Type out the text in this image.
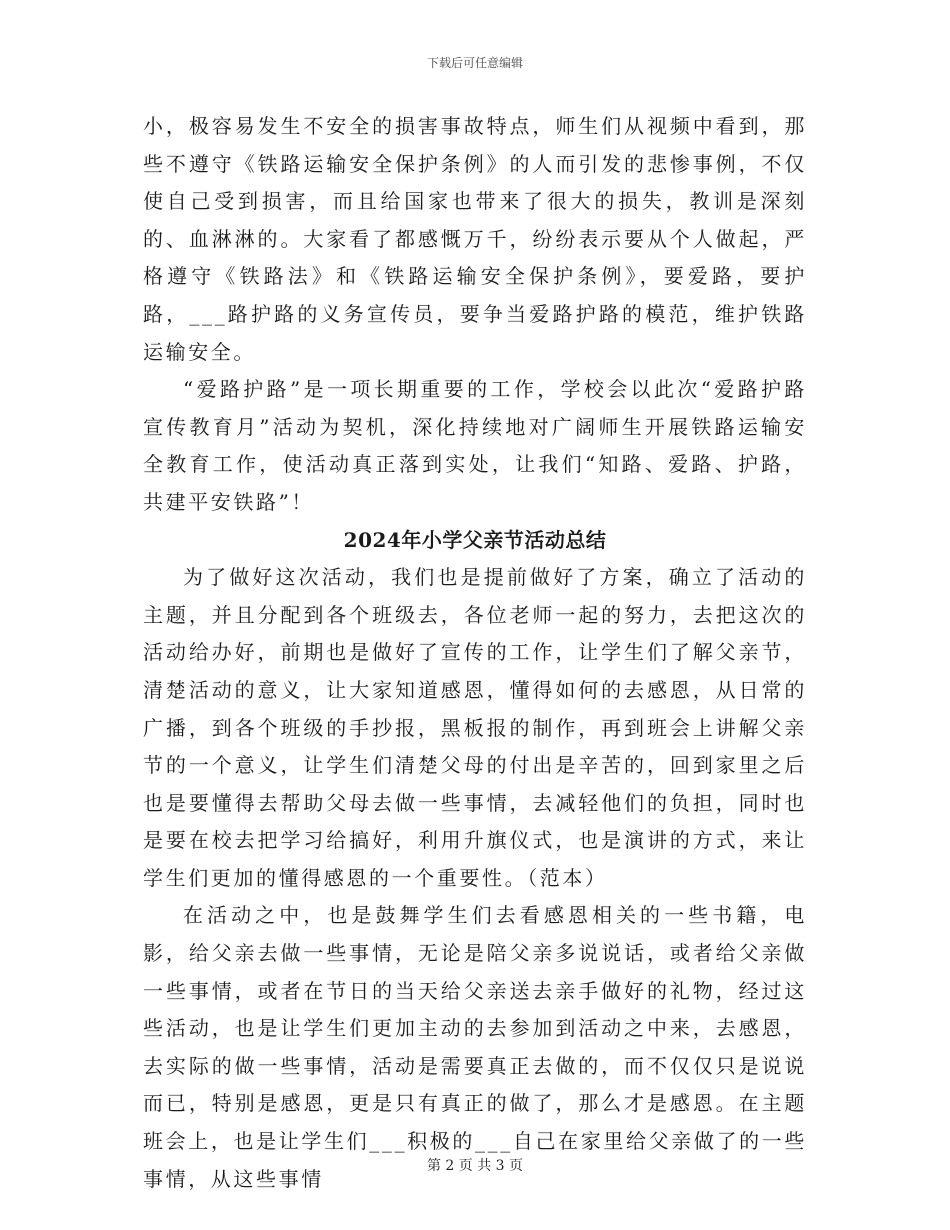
下载后可任意编辑

小，极容易发生不安全的损害事故特点，师生们从视频中看到，那些不遵守《铁路运输安全保护条例》的人而引发的悲惨事例，不仅使自己受到损害，而且给国家也带来了很大的损失，教训是深刻的、血淋淋的。大家看了都感慨万千，纷纷表示要从个人做起，严格遵守《铁路法》和《铁路运输安全保护条例》，要爱路，要护路，___路护路的义务宣传员，要争当爱路护路的模范，维护铁路运输安全。

“爱路护路”是一项长期重要的工作，学校会以此次“爱路护路宣传教育月”活动为契机，深化持续地对广阔师生开展铁路运输安全教育工作，使活动真正落到实处，让我们“知路、爱路、护路，共建平安铁路”！

2024年小学父亲节活动总结

为了做好这次活动，我们也是提前做好了方案，确立了活动的主题，并且分配到各个班级去，各位老师一起的努力，去把这次的活动给办好，前期也是做好了宣传的工作，让学生们了解父亲节，清楚活动的意义，让大家知道感恩，懂得如何的去感恩，从日常的广播，到各个班级的手抄报，黑板报的制作，再到班会上讲解父亲节的一个意义，让学生们清楚父母的付出是辛苦的，回到家里之后也是要懂得去帮助父母去做一些事情，去减轻他们的负担，同时也是要在校去把学习给搞好，利用升旗仪式，也是演讲的方式，来让学生们更加的懂得感恩的一个重要性。（范本）

在活动之中，也是鼓舞学生们去看感恩相关的一些书籍，电影，给父亲去做一些事情，无论是陪父亲多说说话，或者给父亲做一些事情，或者在节日的当天给父亲送去亲手做好的礼物，经过这些活动，也是让学生们更加主动的去参加到活动之中来，去感恩，去实际的做一些事情，活动是需要真正去做的，而不仅仅只是说说而已，特别是感恩，更是只有真正的做了，那么才是感恩。在主题班会上，也是让学生们___积极的___自己在家里给父亲做了的一些事情，从这些事情

第 2 页 共 3 页
